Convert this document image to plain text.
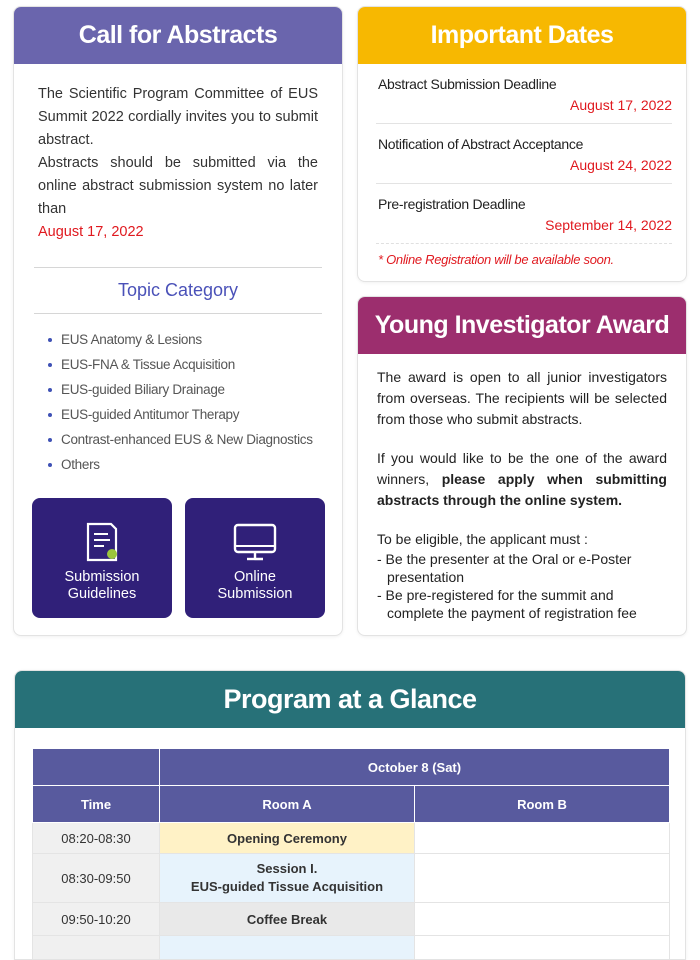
Call for Abstracts
The Scientific Program Committee of EUS Summit 2022 cordially invites you to submit abstract.
Abstracts should be submitted via the online abstract submission system no later than
August 17, 2022
Topic Category
EUS Anatomy & Lesions
EUS-FNA & Tissue Acquisition
EUS-guided Biliary Drainage
EUS-guided Antitumor Therapy
Contrast-enhanced EUS & New Diagnostics
Others
Submission
Guidelines
Online
Submission
Important Dates
Abstract Submission Deadline
August 17, 2022
Notification of Abstract Acceptance
August 24, 2022
Pre-registration Deadline
September 14, 2022
* Online Registration will be available soon.
Young Investigator Award
The award is open to all junior investigators from overseas. The recipients will be selected from those who submit abstracts.
If you would like to be the one of the award winners, please apply when submitting abstracts through the online system.
To be eligible, the applicant must :
- Be the presenter at the Oral or e-Poster presentation
- Be pre-registered for the summit and complete the payment of registration fee
Program at a Glance
	October 8 (Sat)	
Time	Room A	Room B
08:20-08:30	Opening Ceremony	
08:30-09:50	Session I.
EUS-guided Tissue Acquisition	
09:50-10:20	Coffee Break	
